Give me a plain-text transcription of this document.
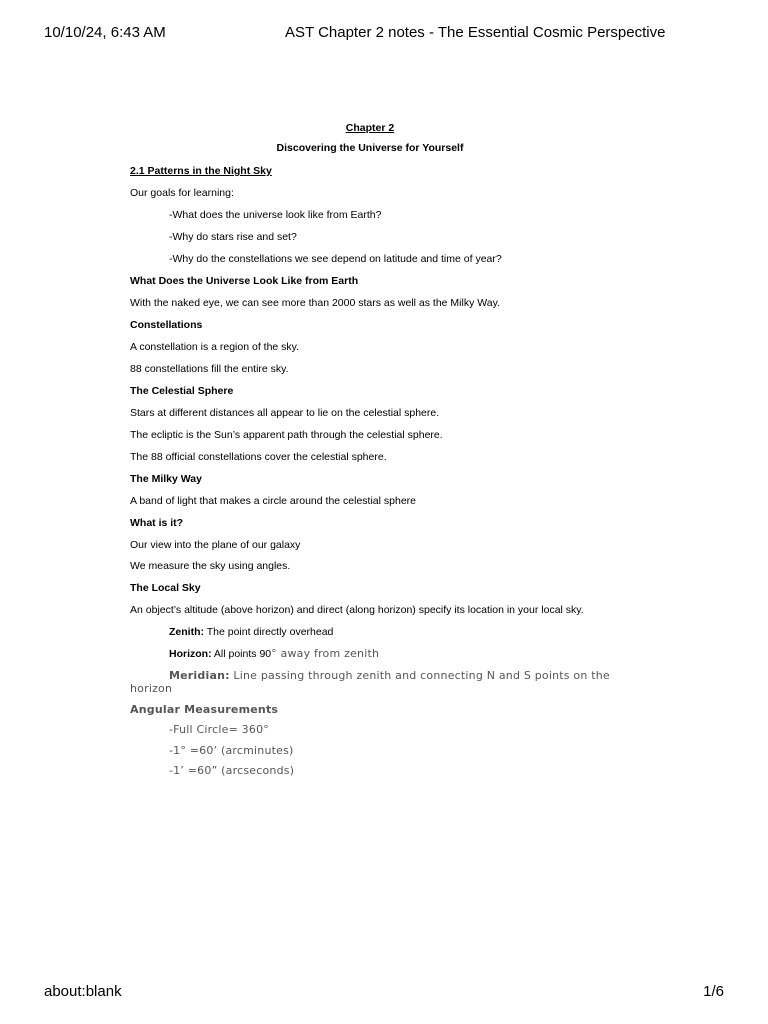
10/10/24, 6:43 AM	AST Chapter 2 notes - The Essential Cosmic Perspective
Chapter 2
Discovering the Universe for Yourself
2.1 Patterns in the Night Sky
Our goals for learning:
-What does the universe look like from Earth?
-Why do stars rise and set?
-Why do the constellations we see depend on latitude and time of year?
What Does the Universe Look Like from Earth
With the naked eye, we can see more than 2000 stars as well as the Milky Way.
Constellations
A constellation is a region of the sky.
88 constellations fill the entire sky.
The Celestial Sphere
Stars at different distances all appear to lie on the celestial sphere.
The ecliptic is the Sun’s apparent path through the celestial sphere.
The 88 official constellations cover the celestial sphere.
The Milky Way
A band of light that makes a circle around the celestial sphere
What is it?
Our view into the plane of our galaxy
We measure the sky using angles.
The Local Sky
An object’s altitude (above horizon) and direct (along horizon) specify its location in your local sky.
Zenith: The point directly overhead
Horizon: All points 90° away from zenith
Meridian: Line passing through zenith and connecting N and S points on the
horizon
Angular Measurements
-Full Circle= 360°
-1° =60’ (arcminutes)
-1’ =60” (arcseconds)
about:blank	1/6
